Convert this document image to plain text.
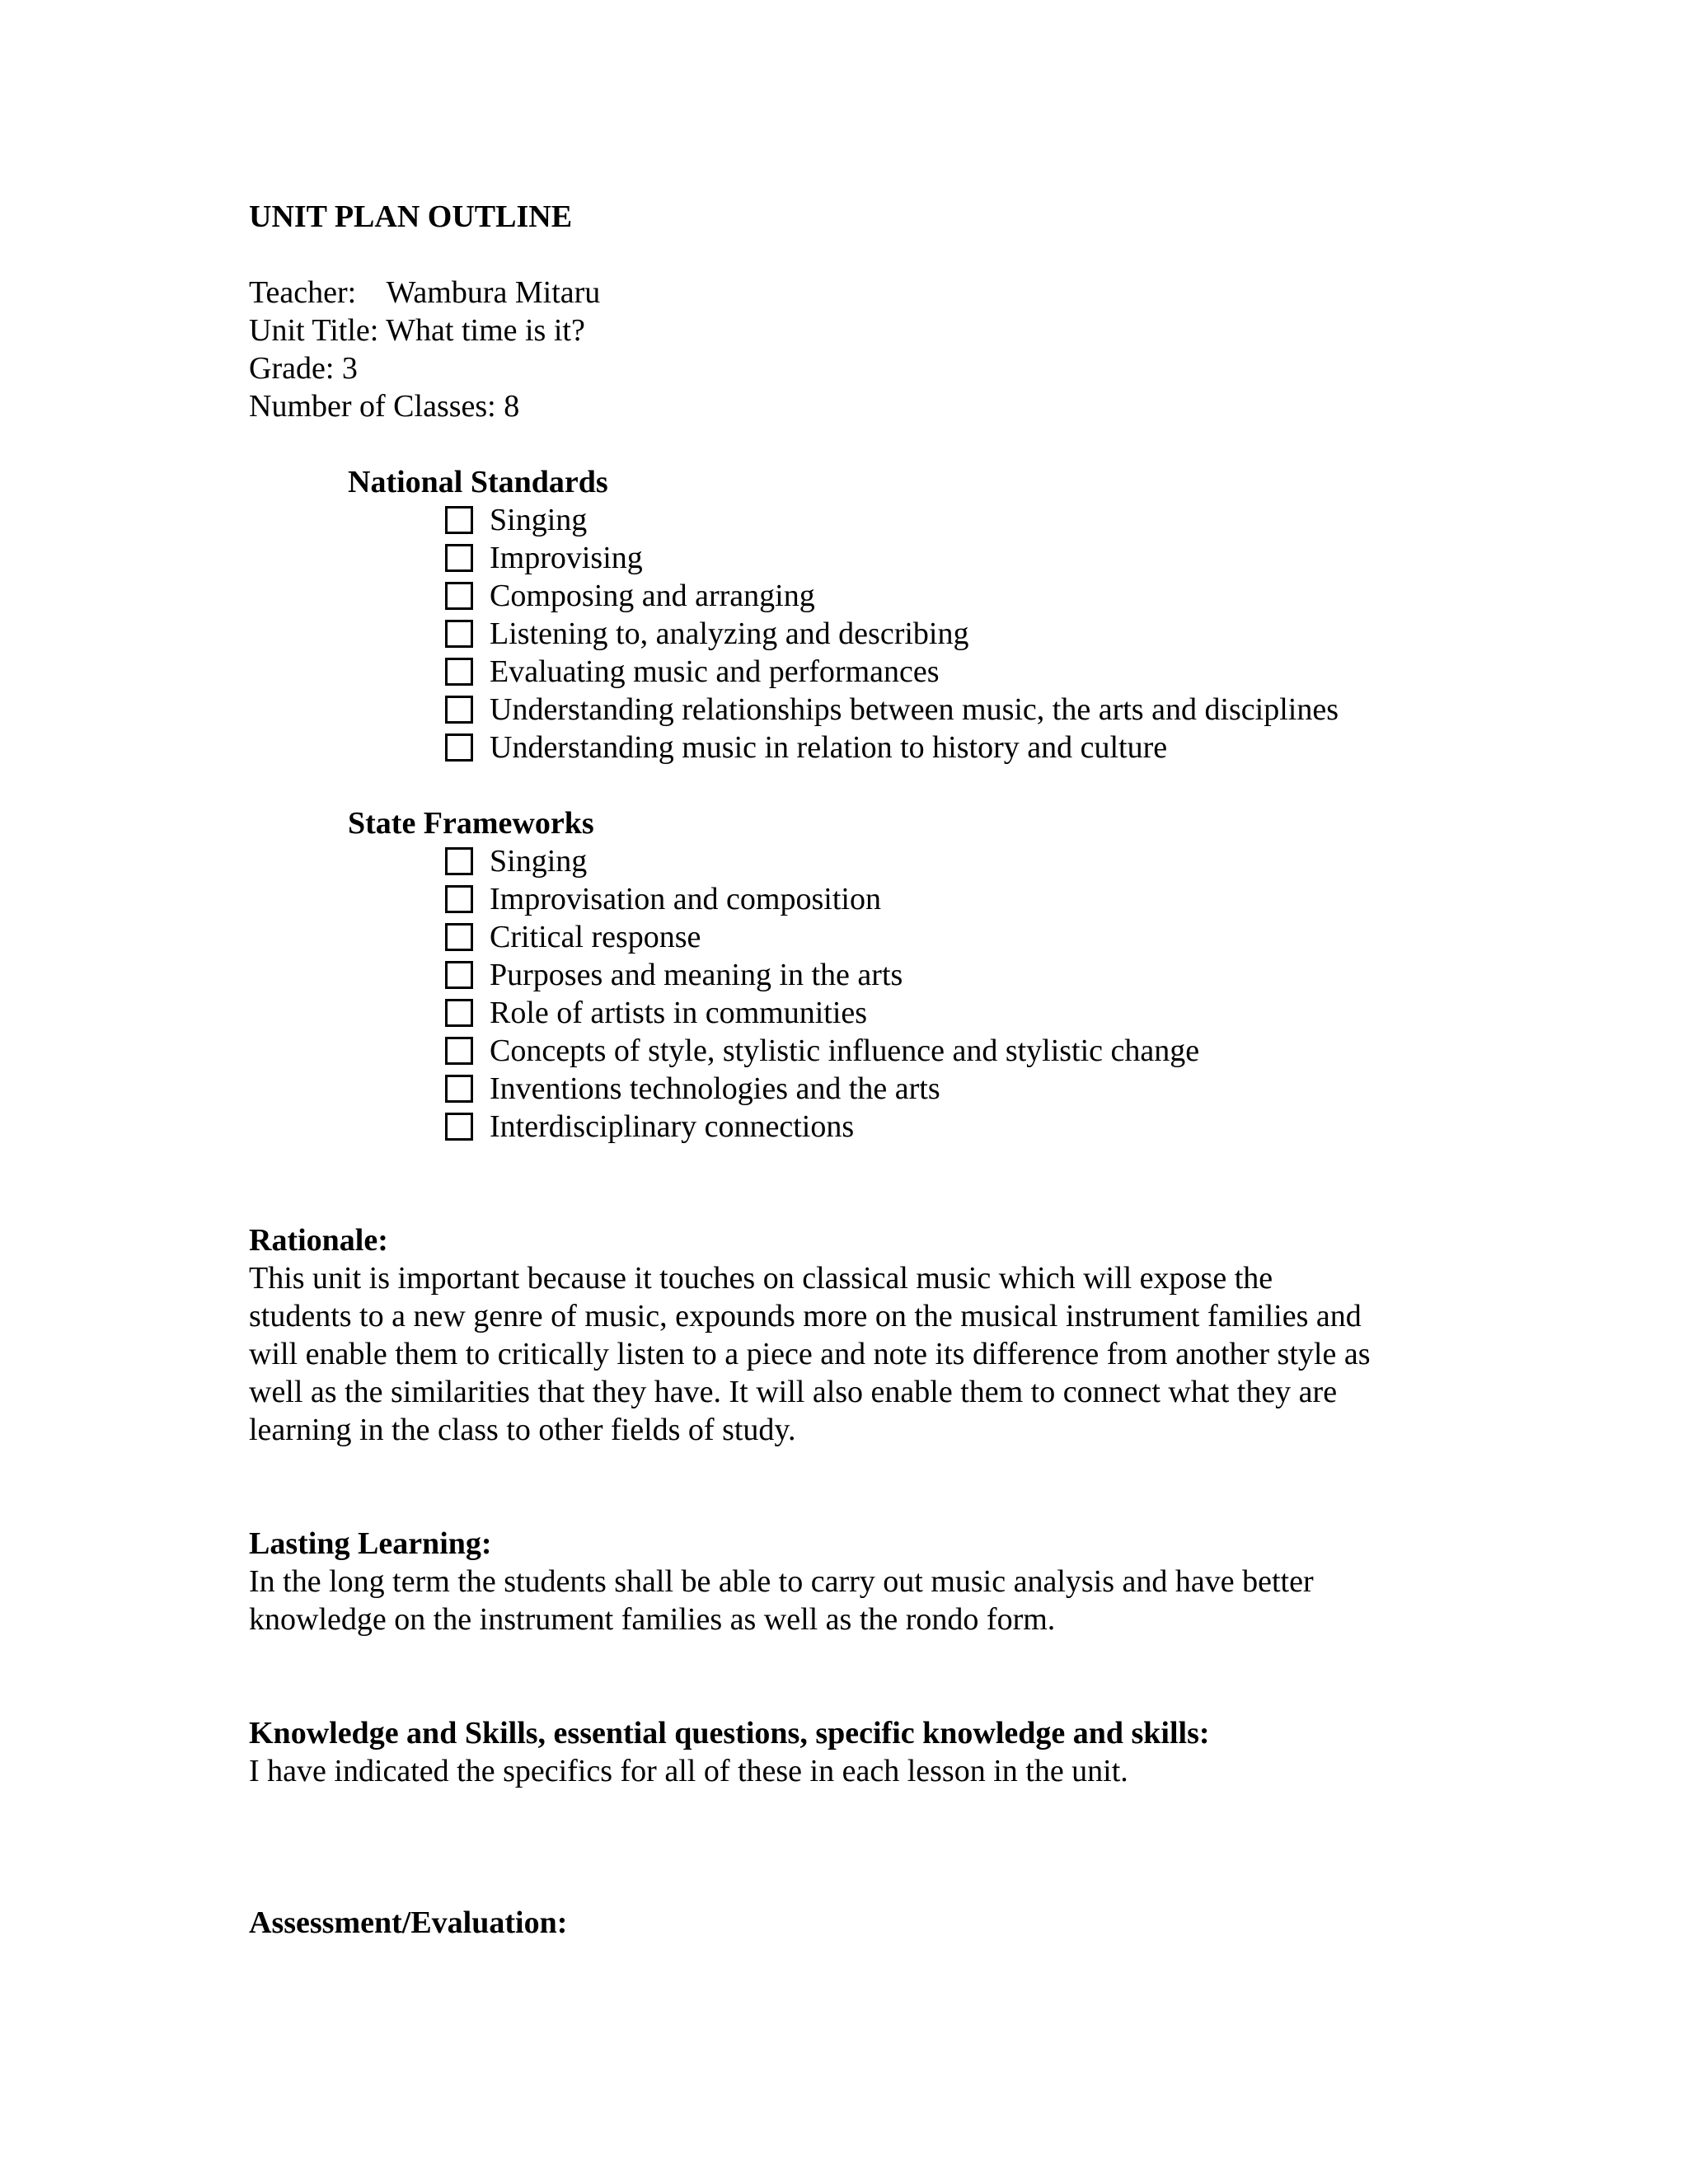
UNIT PLAN OUTLINE
Teacher: Wambura Mitaru
Unit Title: What time is it?
Grade: 3
Number of Classes: 8
National Standards
Singing
Improvising
Composing and arranging
Listening to, analyzing and describing
Evaluating music and performances
Understanding relationships between music, the arts and disciplines
Understanding music in relation to history and culture
State Frameworks
Singing
Improvisation and composition
Critical response
Purposes and meaning in the arts
Role of artists in communities
Concepts of style, stylistic influence and stylistic change
Inventions technologies and the arts
Interdisciplinary connections
Rationale:
This unit is important because it touches on classical music which will expose the
students to a new genre of music, expounds more on the musical instrument families and
will enable them to critically listen to a piece and note its difference from another style as
well as the similarities that they have. It will also enable them to connect what they are
learning in the class to other fields of study.
Lasting Learning:
In the long term the students shall be able to carry out music analysis and have better
knowledge on the instrument families as well as the rondo form.
Knowledge and Skills, essential questions, specific knowledge and skills:
I have indicated the specifics for all of these in each lesson in the unit.
Assessment/Evaluation:
